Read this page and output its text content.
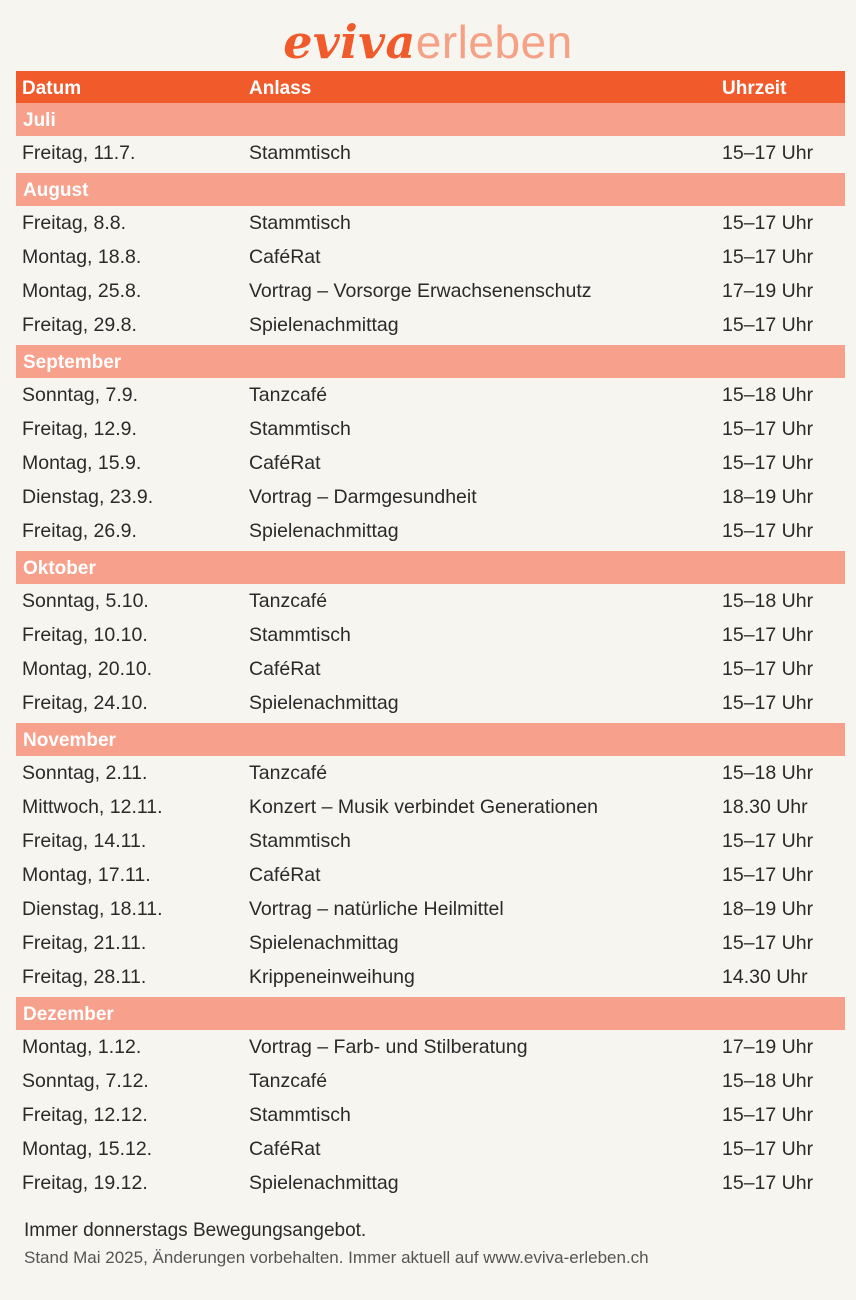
evivaerleben
Datum	Anlass	Uhrzeit
Juli
Freitag, 11.7.	Stammtisch	15–17 Uhr
August
Freitag, 8.8.	Stammtisch	15–17 Uhr
Montag, 18.8.	CaféRat	15–17 Uhr
Montag, 25.8.	Vortrag – Vorsorge Erwachsenenschutz	17–19 Uhr
Freitag, 29.8.	Spielenachmittag	15–17 Uhr
September
Sonntag, 7.9.	Tanzcafé	15–18 Uhr
Freitag, 12.9.	Stammtisch	15–17 Uhr
Montag, 15.9.	CaféRat	15–17 Uhr
Dienstag, 23.9.	Vortrag – Darmgesundheit	18–19 Uhr
Freitag, 26.9.	Spielenachmittag	15–17 Uhr
Oktober
Sonntag, 5.10.	Tanzcafé	15–18 Uhr
Freitag, 10.10.	Stammtisch	15–17 Uhr
Montag, 20.10.	CaféRat	15–17 Uhr
Freitag, 24.10.	Spielenachmittag	15–17 Uhr
November
Sonntag, 2.11.	Tanzcafé	15–18 Uhr
Mittwoch, 12.11.	Konzert – Musik verbindet Generationen	18.30 Uhr
Freitag, 14.11.	Stammtisch	15–17 Uhr
Montag, 17.11.	CaféRat	15–17 Uhr
Dienstag, 18.11.	Vortrag – natürliche Heilmittel	18–19 Uhr
Freitag, 21.11.	Spielenachmittag	15–17 Uhr
Freitag, 28.11.	Krippeneinweihung	14.30 Uhr
Dezember
Montag, 1.12.	Vortrag – Farb- und Stilberatung	17–19 Uhr
Sonntag, 7.12.	Tanzcafé	15–18 Uhr
Freitag, 12.12.	Stammtisch	15–17 Uhr
Montag, 15.12.	CaféRat	15–17 Uhr
Freitag, 19.12.	Spielenachmittag	15–17 Uhr
Immer donnerstags Bewegungsangebot.
Stand Mai 2025, Änderungen vorbehalten. Immer aktuell auf www.eviva-erleben.ch
